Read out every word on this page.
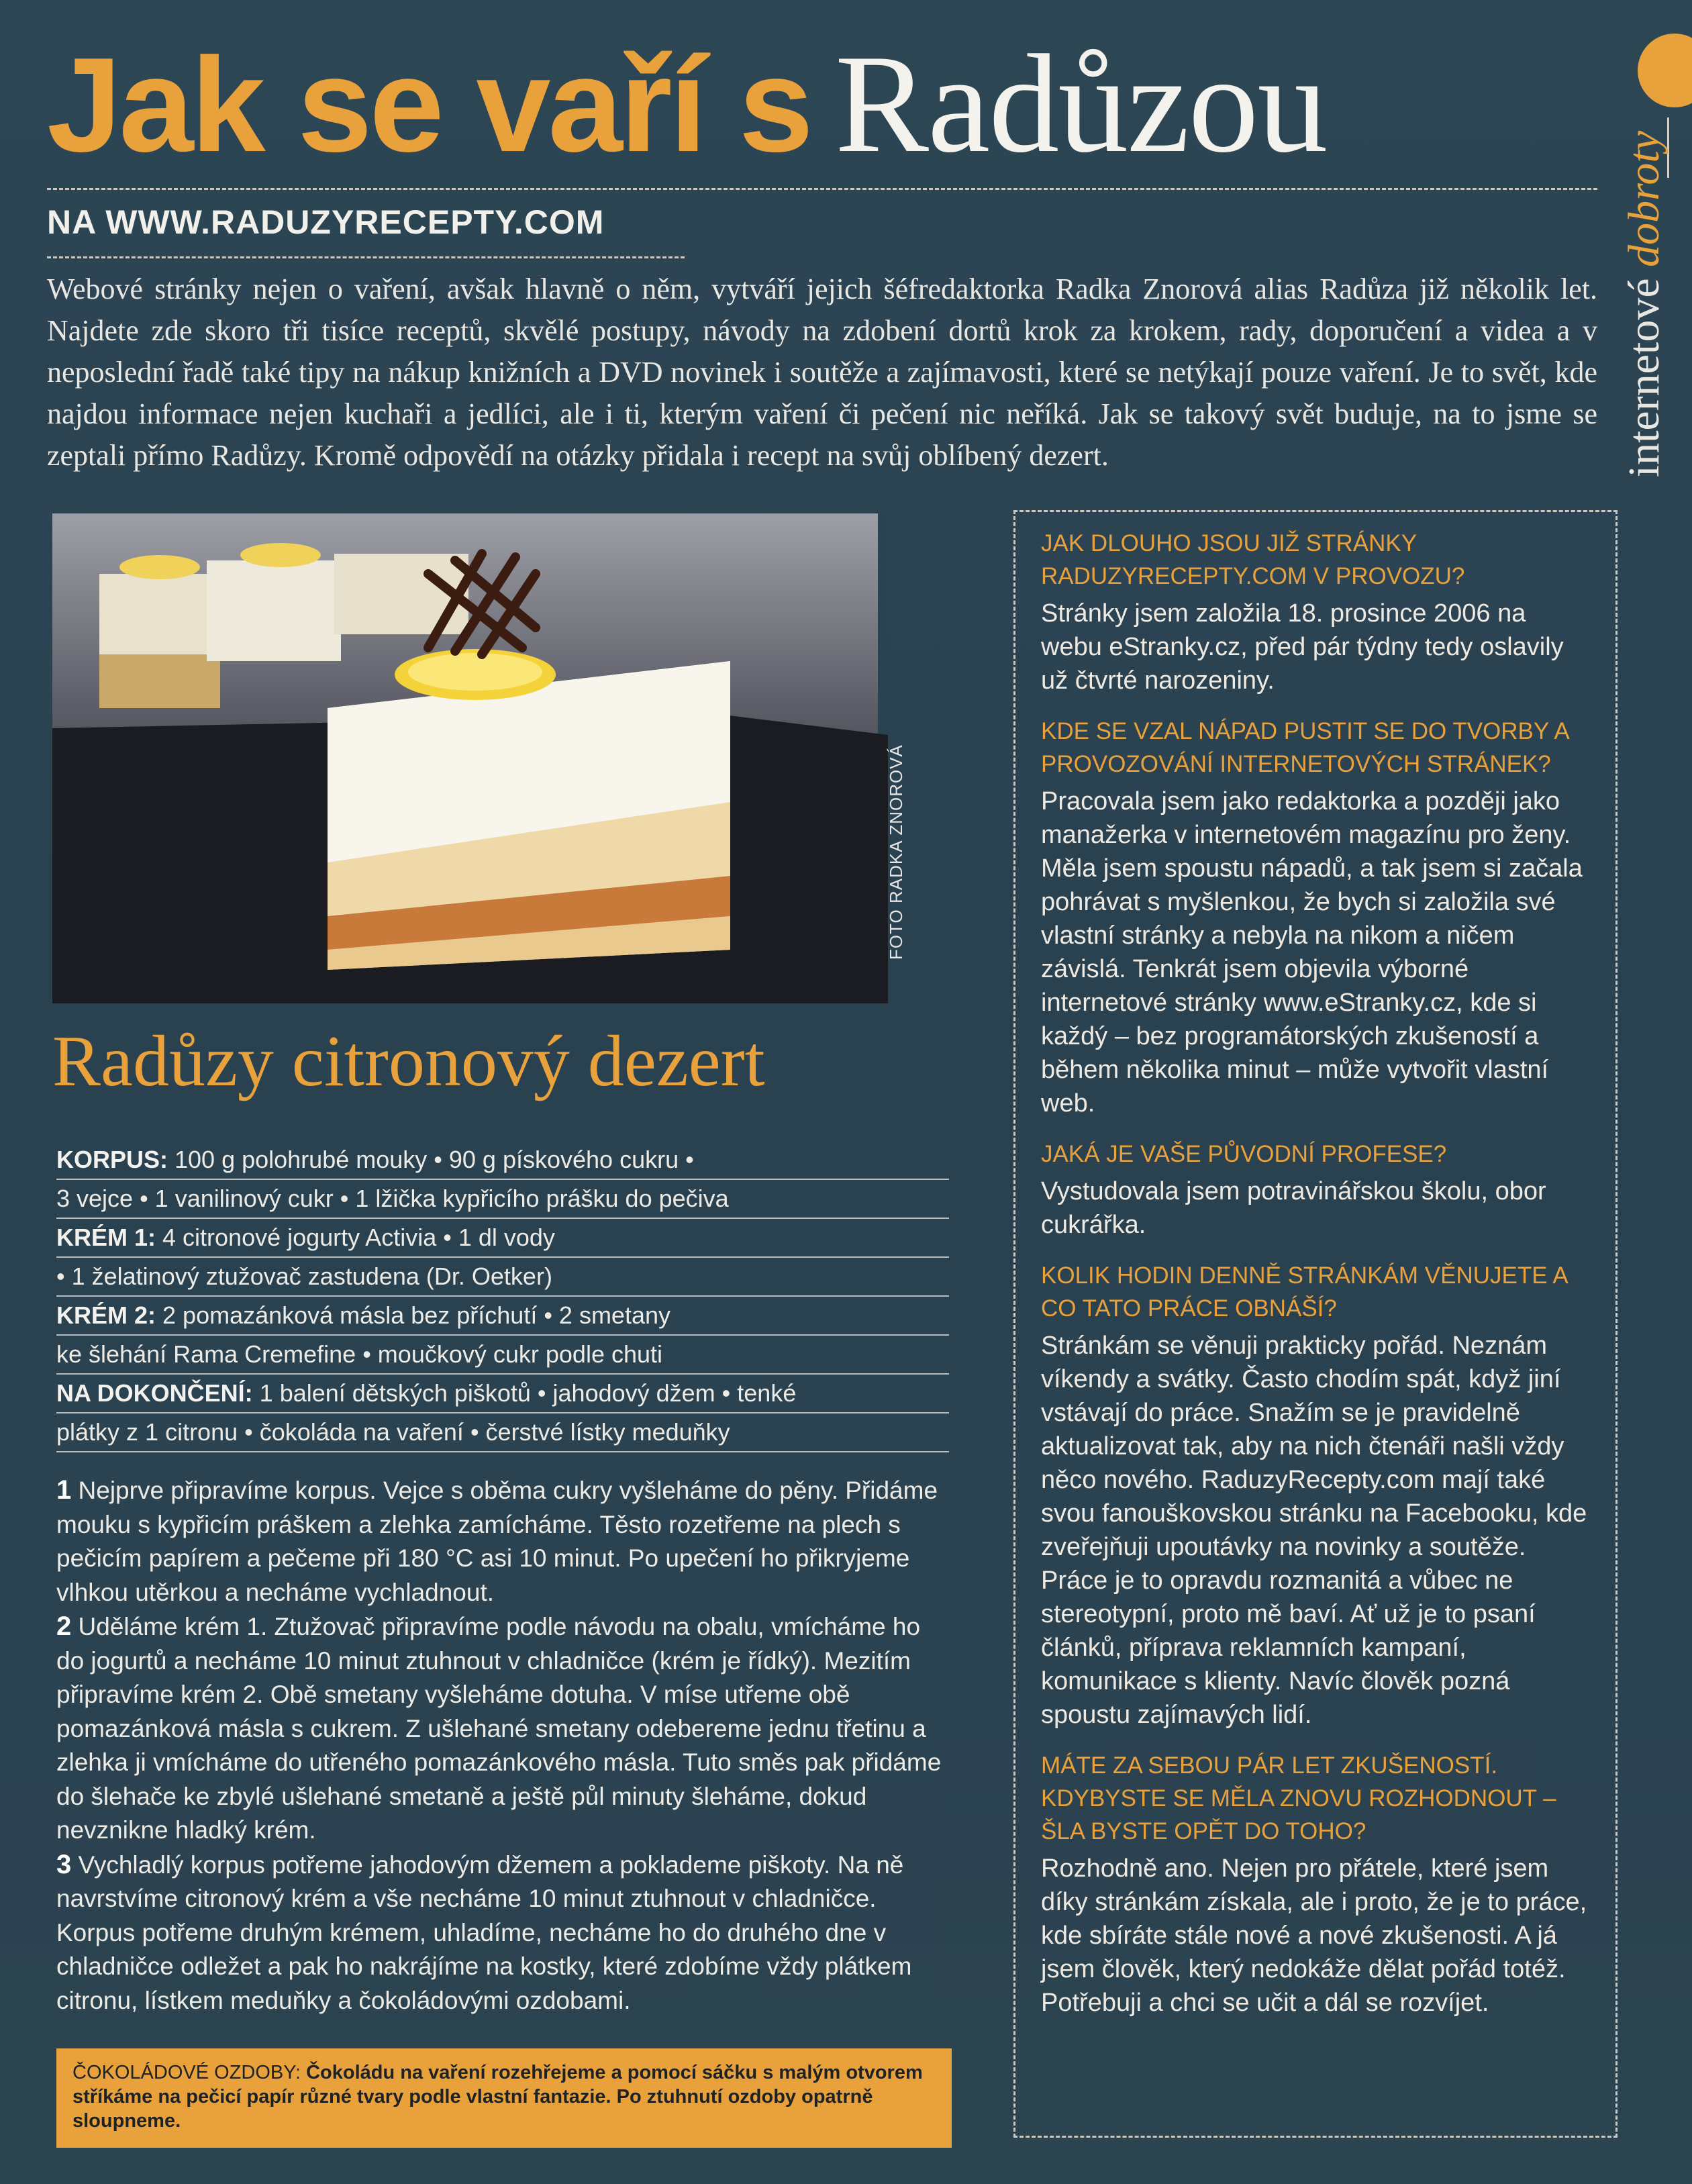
Jak se vaří s Radůzou
NA WWW.RADUZYRECEPTY.COM
Webové stránky nejen o vaření, avšak hlavně o něm, vytváří jejich šéfredaktorka Radka Znorová alias Radůza již několik let. Najdete zde skoro tři tisíce receptů, skvělé postupy, návody na zdobení dortů krok za krokem, rady, doporučení a videa a v neposlední řadě také tipy na nákup knižních a DVD novinek i soutěže a zajímavosti, které se netýkají pouze vaření. Je to svět, kde najdou informace nejen kuchaři a jedlíci, ale i ti, kterým vaření či pečení nic neříká. Jak se takový svět buduje, na to jsme se zeptali přímo Radůzy. Kromě odpovědí na otázky přidala i recept na svůj oblíbený dezert.	internetové dobroty
FOTO RADKA ZNOROVÁ
Radůzy citronový dezert
KORPUS: 100 g polohrubé mouky • 90 g pískového cukru •
3 vejce • 1 vanilinový cukr • 1 lžička kypřicího prášku do pečiva
KRÉM 1: 4 citronové jogurty Activia • 1 dl vody
• 1 želatinový ztužovač zastudena (Dr. Oetker)
KRÉM 2: 2 pomazánková másla bez příchutí • 2 smetany
ke šlehání Rama Cremefine • moučkový cukr podle chuti
NA DOKONČENÍ: 1 balení dětských piškotů • jahodový džem • tenké
plátky z 1 citronu • čokoláda na vaření • čerstvé lístky meduňky

1 Nejprve připravíme korpus. Vejce s oběma cukry vyšleháme do pěny. Přidáme mouku s kypřicím práškem a zlehka zamícháme. Těsto rozetřeme na plech s pečicím papírem a pečeme při 180 °C asi 10 minut. Po upečení ho přikryjeme vlhkou utěrkou a necháme vychladnout.

2 Uděláme krém 1. Ztužovač připravíme podle návodu na obalu, vmícháme ho do jogurtů a necháme 10 minut ztuhnout v chladničce (krém je řídký). Mezitím připravíme krém 2. Obě smetany vyšleháme dotuha. V míse utřeme obě pomazánková másla s cukrem. Z ušlehané smetany odebereme jednu třetinu a zlehka ji vmícháme do utřeného pomazánkového másla. Tuto směs pak přidáme do šlehače ke zbylé ušlehané smetaně a ještě půl minuty šleháme, dokud nevznikne hladký krém.

3 Vychladlý korpus potřeme jahodovým džemem a poklademe piškoty. Na ně navrstvíme citronový krém a vše necháme 10 minut ztuhnout v chladničce. Korpus potřeme druhým krémem, uhladíme, necháme ho do druhého dne v chladničce odležet a pak ho nakrájíme na kostky, které zdobíme vždy plátkem citronu, lístkem meduňky a čokoládovými ozdobami.

ČOKOLÁDOVÉ OZDOBY: Čokoládu na vaření rozehřejeme a pomocí sáčku s malým otvorem stříkáme na pečicí papír různé tvary podle vlastní fantazie. Po ztuhnutí ozdoby opatrně sloupneme.

JAK DLOUHO JSOU JIŽ STRÁNKY RADUZYRECEPTY.COM V PROVOZU?

Stránky jsem založila 18. prosince 2006 na webu eStranky.cz, před pár týdny tedy oslavily už čtvrté narozeniny.

KDE SE VZAL NÁPAD PUSTIT SE DO TVORBY A PROVOZOVÁNÍ INTERNETOVÝCH STRÁNEK?

Pracovala jsem jako redaktorka a později jako manažerka v internetovém magazínu pro ženy. Měla jsem spoustu nápadů, a tak jsem si začala pohrávat s myšlenkou, že bych si založila své vlastní stránky a nebyla na nikom a ničem závislá. Tenkrát jsem objevila výborné internetové stránky www.eStranky.cz, kde si každý – bez programátorských zkušeností a během několika minut – může vytvořit vlastní web.

JAKÁ JE VAŠE PŮVODNÍ PROFESE?

Vystudovala jsem potravinářskou školu, obor cukrářka.

KOLIK HODIN DENNĚ STRÁNKÁM VĚNUJETE A CO TATO PRÁCE OBNÁŠÍ?

Stránkám se věnuji prakticky pořád. Neznám víkendy a svátky. Často chodím spát, když jiní vstávají do práce. Snažím se je pravidelně aktualizovat tak, aby na nich čtenáři našli vždy něco nového. RaduzyRecepty.com mají také svou fanouškovskou stránku na Facebooku, kde zveřejňuji upoutávky na novinky a soutěže. Práce je to opravdu rozmanitá a vůbec ne stereotypní, proto mě baví. Ať už je to psaní článků, příprava reklamních kampaní, komunikace s klienty. Navíc člověk pozná spoustu zajímavých lidí.

MÁTE ZA SEBOU PÁR LET ZKUŠENOSTÍ. KDYBYSTE SE MĚLA ZNOVU ROZHODNOUT – ŠLA BYSTE OPĚT DO TOHO?

Rozhodně ano. Nejen pro přátele, které jsem díky stránkám získala, ale i proto, že je to práce, kde sbíráte stále nové a nové zkušenosti. A já jsem člověk, který nedokáže dělat pořád totéž. Potřebuji a chci se učit a dál se rozvíjet.
